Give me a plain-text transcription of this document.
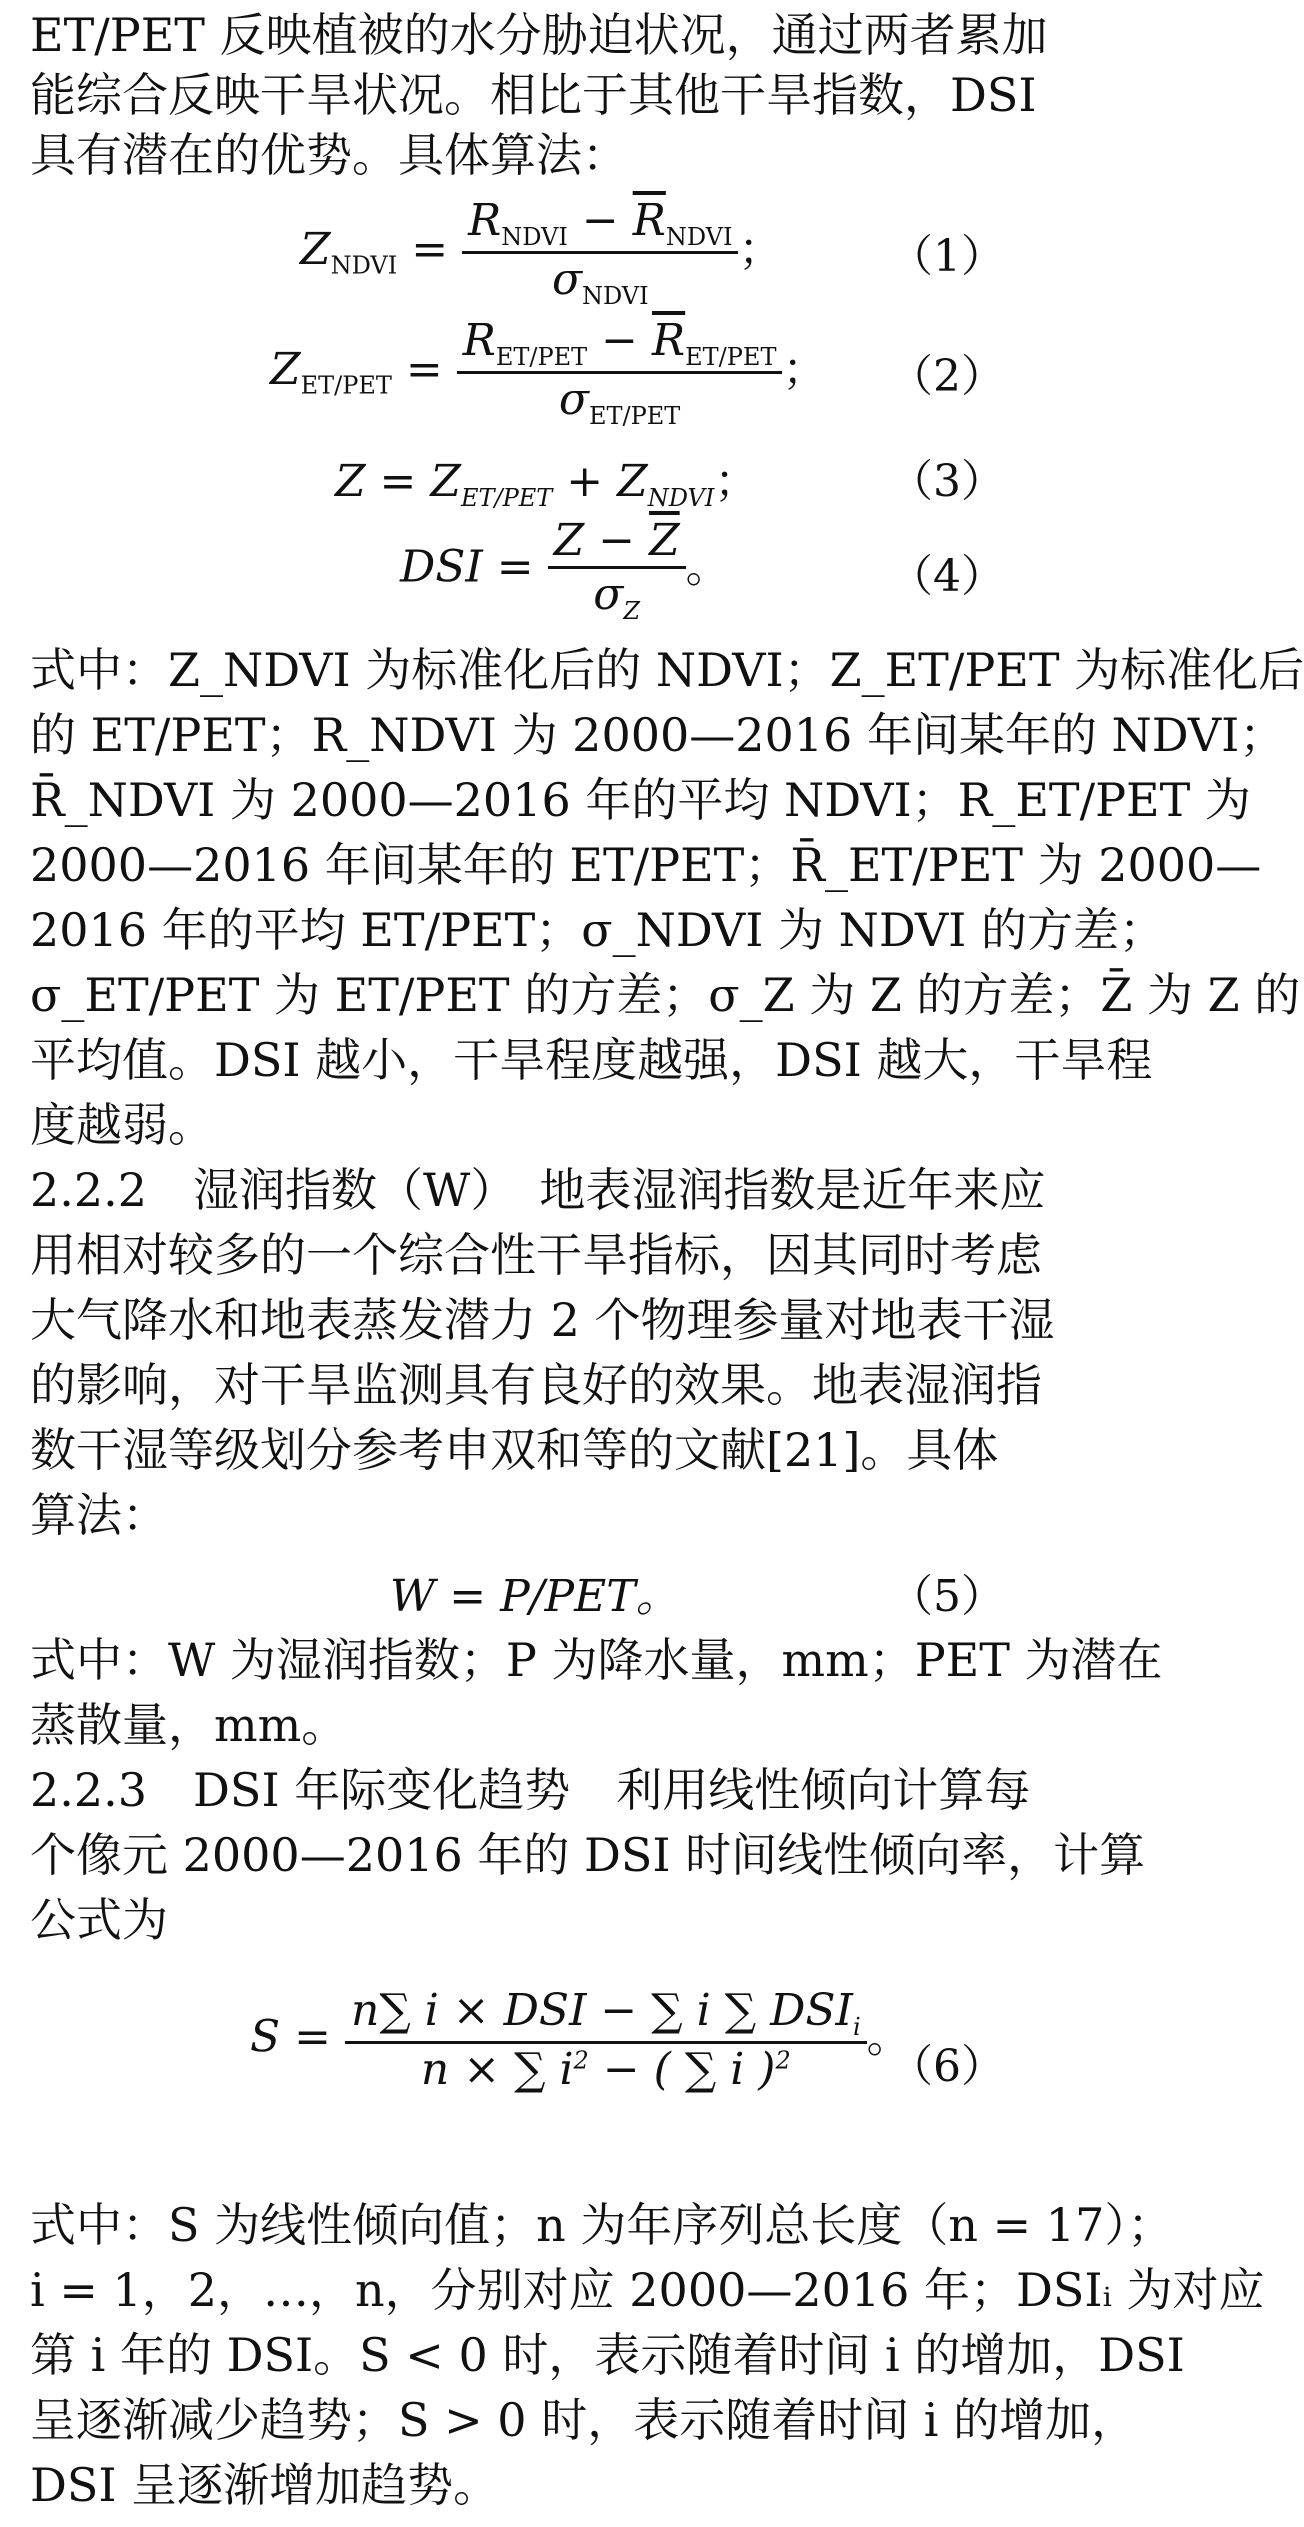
ET/PET 反映植被的水分胁迫状况，通过两者累加
能综合反映干旱状况。相比于其他干旱指数，DSI
具有潜在的优势。具体算法：
$Z_{NDVI} = \frac{R_{NDVI} - \overline{R}_{NDVI}}{\sigma_{NDVI}}$ ； （1）
$Z_{ET/PET} = \frac{R_{ET/PET} - \overline{R}_{ET/PET}}{\sigma_{ET/PET}}$ ； （2）
$Z = Z_{ET/PET} + Z_{NDVI}$；	（3）
DSI = $\frac{Z - \overline{Z}}{\sigma_Z}$ 。	（4）
式中：Z_NDVI 为标准化后的 NDVI；Z_ET/PET 为标准化后
的 ET/PET；R_NDVI 为 2000—2016 年间某年的 NDVI；
R̄_NDVI 为 2000—2016 年的平均 NDVI；R_ET/PET 为
2000—2016 年间某年的 ET/PET；R̄_ET/PET 为 2000—
2016 年的平均 ET/PET；σ_NDVI 为 NDVI 的方差；
σ_ET/PET 为 ET/PET 的方差；σ_Z 为 Z 的方差；Z̄ 为 Z 的
平均值。DSI 越小，干旱程度越强，DSI 越大，干旱程
度越弱。
2.2.2　湿润指数（W）　地表湿润指数是近年来应
用相对较多的一个综合性干旱指标，因其同时考虑
大气降水和地表蒸发潜力 2 个物理参量对地表干湿
的影响，对干旱监测具有良好的效果。地表湿润指
数干湿等级划分参考申双和等的文献[21]。具体
算法：
W = P/PET。	（5）
式中：W 为湿润指数；P 为降水量，mm；PET 为潜在
蒸散量，mm。
2.2.3　DSI 年际变化趋势　利用线性倾向计算每
个像元 2000—2016 年的 DSI 时间线性倾向率，计算
公式为
$S = \frac{n\sum i \times DSI - \sum i \sum DSI_i}{n \times \sum i^2 - ( \sum i )^2}$ 。
（6）
式中：S 为线性倾向值；n 为年序列总长度（n = 17）；
i = 1，2，…，n，分别对应 2000—2016 年；DSIᵢ 为对应
第 i 年的 DSI。S < 0 时，表示随着时间 i 的增加，DSI
呈逐渐减少趋势；S > 0 时，表示随着时间 i 的增加，
DSI 呈逐渐增加趋势。
